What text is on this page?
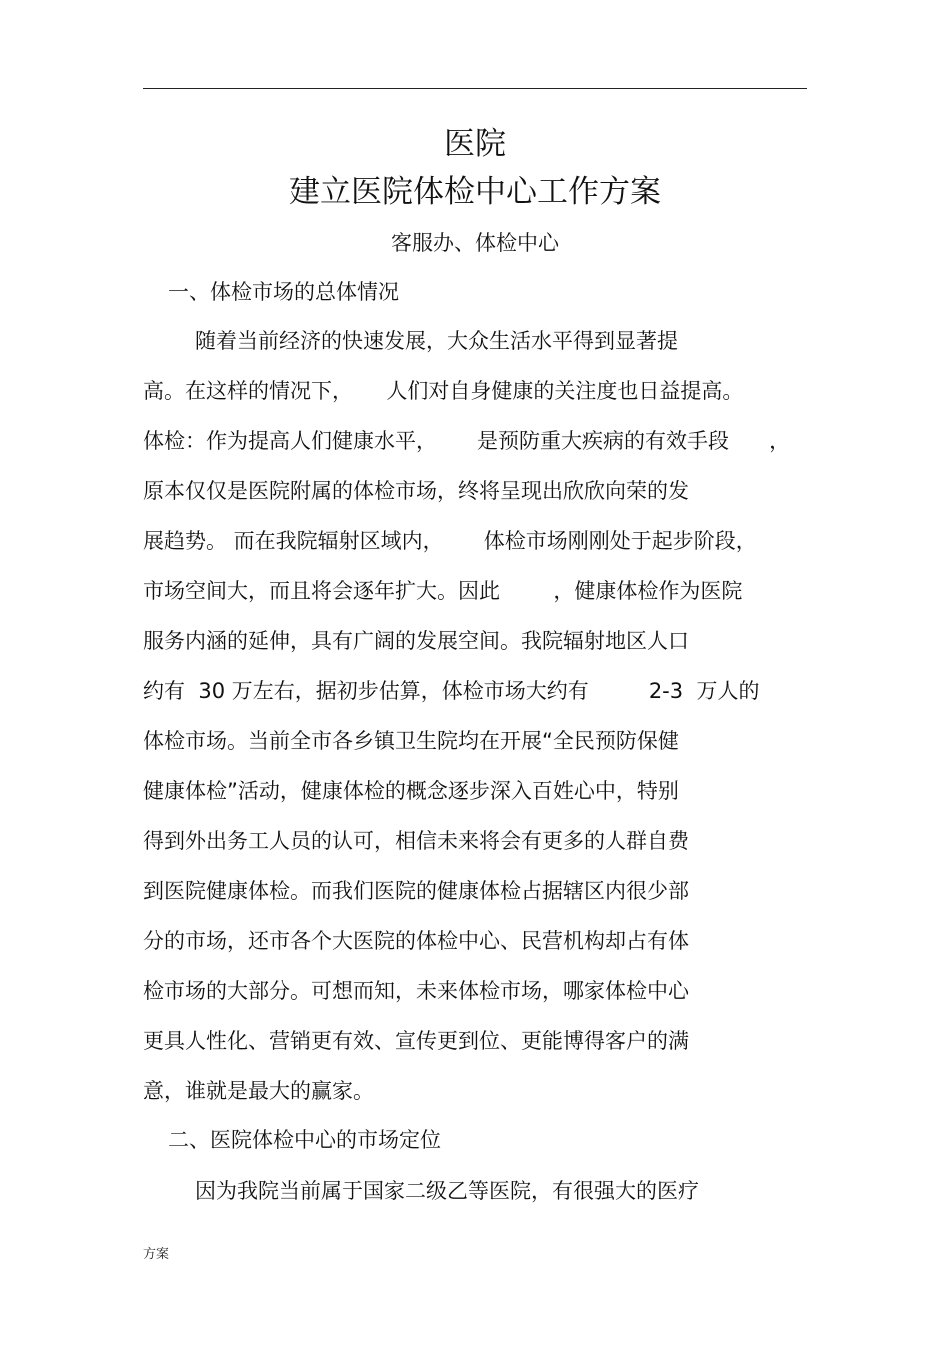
医院
建立医院体检中心工作方案
客服办、体检中心
一、体检市场的总体情况
随着当前经济的快速发展，大众生活水平得到显著提
高。在这样的情况下，     人们对自身健康的关注度也日益提高。
体检：作为提高人们健康水平，      是预防重大疾病的有效手段      ，
原本仅仅是医院附属的体检市场，终将呈现出欣欣向荣的发
展趋势。 而在我院辐射区域内，      体检市场刚刚处于起步阶段，
市场空间大，而且将会逐年扩大。因此        ，健康体检作为医院
服务内涵的延伸，具有广阔的发展空间。我院辐射地区人口
约有  30 万左右，据初步估算，体检市场大约有         2-3  万人的
体检市场。当前全市各乡镇卫生院均在开展“全民预防保健
健康体检”活动，健康体检的概念逐步深入百姓心中，特别
得到外出务工人员的认可，相信未来将会有更多的人群自费
到医院健康体检。而我们医院的健康体检占据辖区内很少部
分的市场，还市各个大医院的体检中心、民营机构却占有体
检市场的大部分。可想而知，未来体检市场，哪家体检中心
更具人性化、营销更有效、宣传更到位、更能博得客户的满
意，谁就是最大的赢家。
二、医院体检中心的市场定位
因为我院当前属于国家二级乙等医院，有很强大的医疗
方案
